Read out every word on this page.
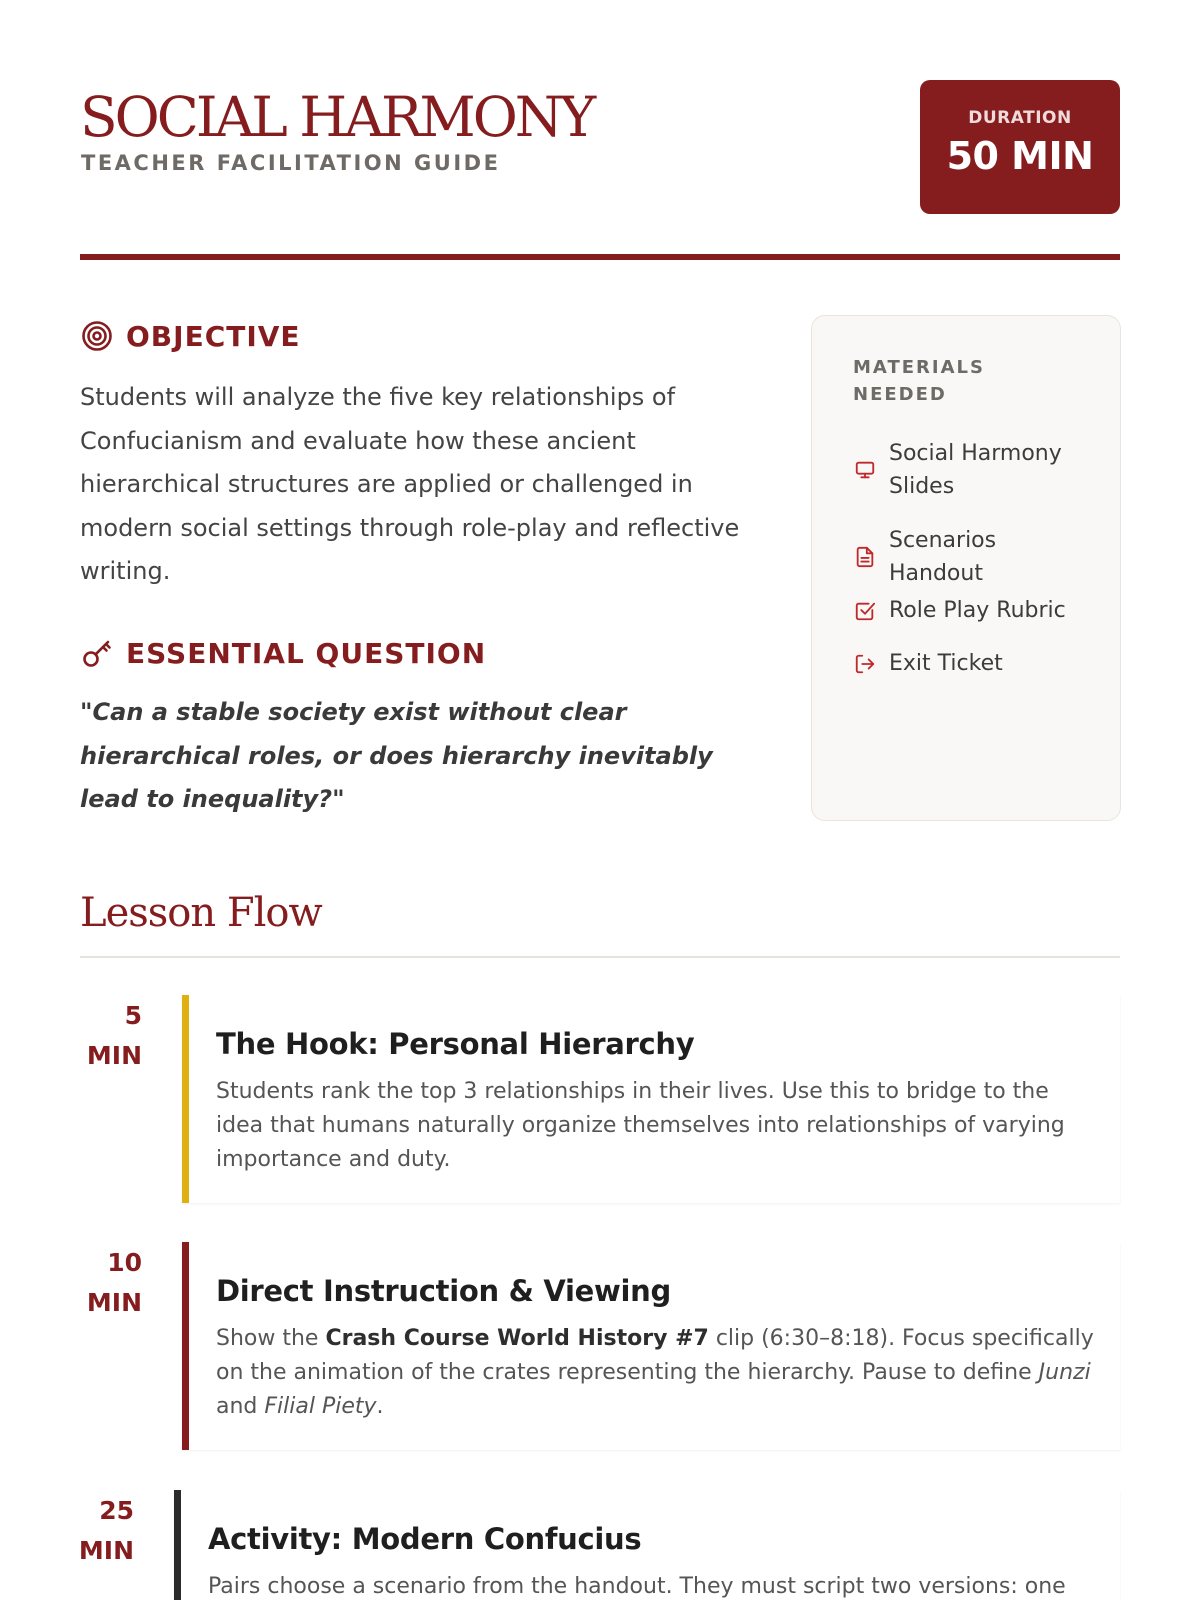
SOCIAL HARMONY
TEACHER FACILITATION GUIDE
DURATION
50 MIN
OBJECTIVE
Students will analyze the five key relationships of Confucianism and evaluate how these ancient hierarchical structures are applied or challenged in modern social settings through role-play and reflective writing.
ESSENTIAL QUESTION
"Can a stable society exist without clear hierarchical roles, or does hierarchy inevitably lead to inequality?"
MATERIALS NEEDED
Social Harmony Slides
Scenarios Handout
Role Play Rubric
Exit Ticket
Lesson Flow
5
MIN	The Hook: Personal Hierarchy

Students rank the top 3 relationships in their lives. Use this to bridge to the idea that humans naturally organize themselves into relationships of varying importance and duty.

10
MIN	Direct Instruction & Viewing

Show the Crash Course World History #7 clip (6:30–8:18). Focus specifically on the animation of the crates representing the hierarchy. Pause to define Junzi and Filial Piety.

25
MIN	Activity: Modern Confucius

Pairs choose a scenario from the handout. They must script two versions: one
